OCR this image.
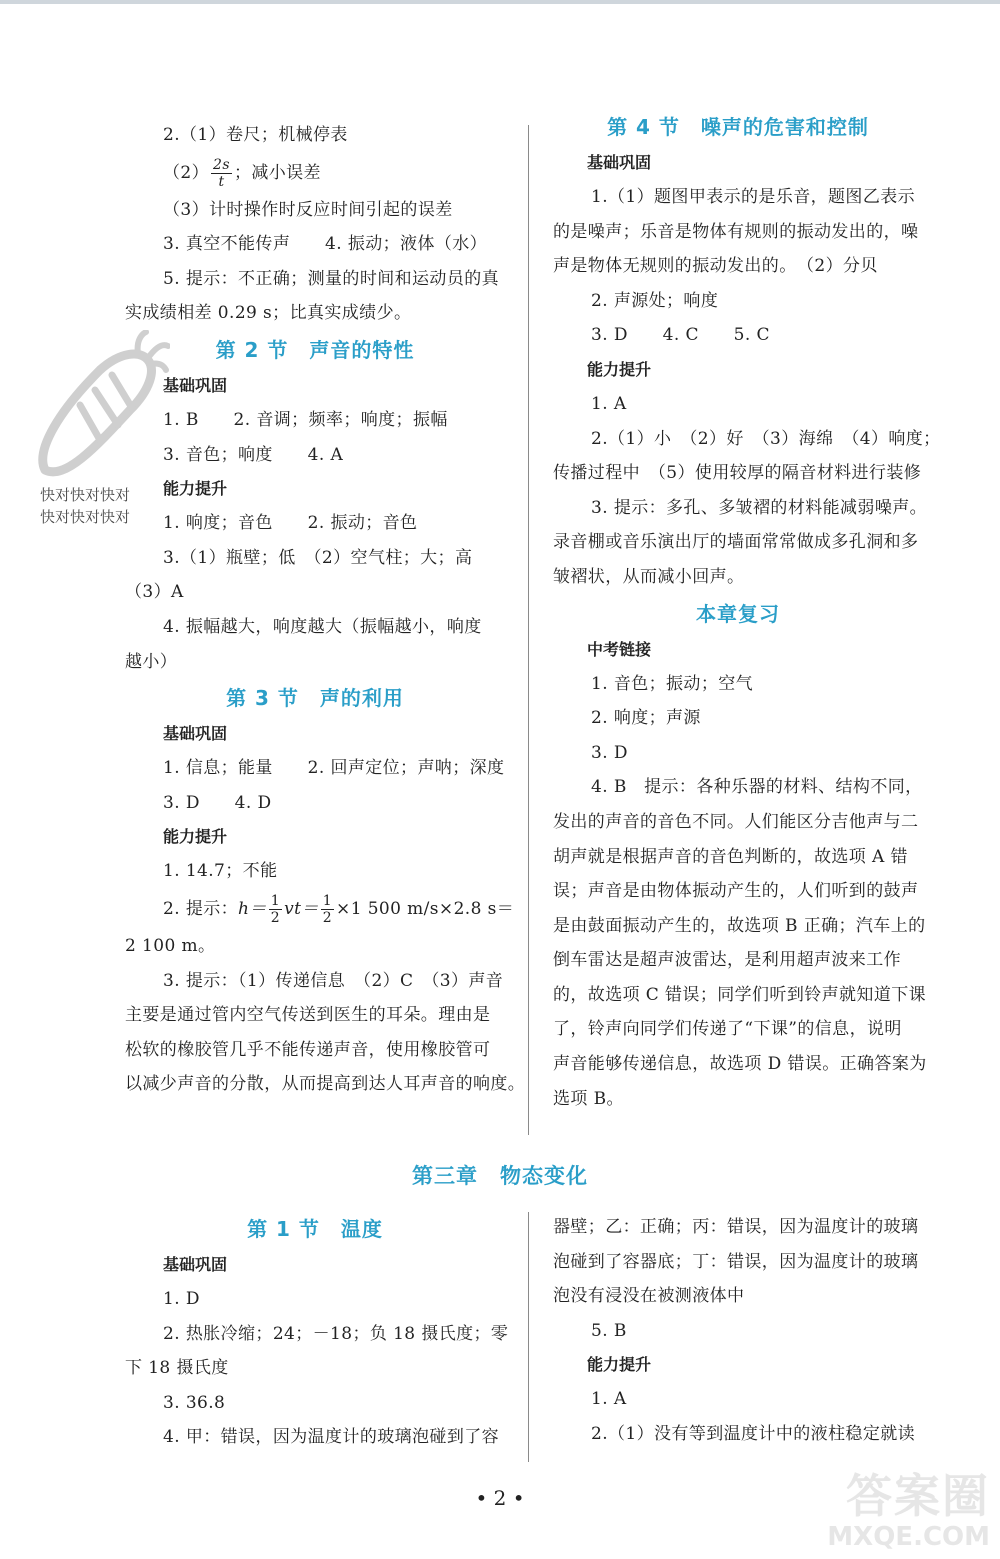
2.（1）卷尺；机械停表
$(2) \frac{2s}{t}$ ；减小误差
（3）计时操作时反应时间引起的误差
3. 真空不能传声　　4. 振动；液体（水）
5. 提示：不正确；测量的时间和运动员的真
实成绩相差 0.29 s；比真实成绩少。
第 2 节　声音的特性
基础巩固
1. B　　2. 音调；频率；响度；振幅
3. 音色；响度　　4. A
能力提升
1. 响度；音色　　2. 振动；音色
3.（1）瓶壁；低　（2）空气柱；大；高
（3）A
4. 振幅越大，响度越大（振幅越小，响度
越小）
第 3 节　声的利用
基础巩固
1. 信息；能量　　2. 回声定位；声呐；深度
3. D　　4. D
能力提升
1. 14.7；不能
2. 提示：$h= \frac{1}{2} vt= \frac{1}{2} \times 1$ 500 m/s×2.8 s＝
2 100 m。
3. 提示：（1）传递信息　（2）C　（3）声音
主要是通过管内空气传送到医生的耳朵。理由是
松软的橡胶管几乎不能传递声音，使用橡胶管可
以减少声音的分散，从而提高到达人耳声音的响度。
第 4 节　噪声的危害和控制
基础巩固
1.（1）题图甲表示的是乐音，题图乙表示
的是噪声；乐音是物体有规则的振动发出的，噪
声是物体无规则的振动发出的。　（2）分贝
2. 声源处；响度
3. D　　4. C　　5. C
能力提升
1. A
2.（1）小　（2）好　（3）海绵　（4）响度；
传播过程中　（5）使用较厚的隔音材料进行装修
3. 提示：多孔、多皱褶的材料能减弱噪声。
录音棚或音乐演出厅的墙面常常做成多孔洞和多
皱褶状，从而减小回声。
本章复习
中考链接
1. 音色；振动；空气
2. 响度；声源
3. D
4. B　提示：各种乐器的材料、结构不同，
发出的声音的音色不同。人们能区分吉他声与二
胡声就是根据声音的音色判断的，故选项 A 错
误；声音是由物体振动产生的，人们听到的鼓声
是由鼓面振动产生的，故选项 B 正确；汽车上的
倒车雷达是超声波雷达，是利用超声波来工作
的，故选项 C 错误；同学们听到铃声就知道下课
了，铃声向同学们传递了“下课”的信息，说明
声音能够传递信息，故选项 D 错误。正确答案为
选项 B。
第三章　物态变化
第 1 节　温度
基础巩固
1. D
2. 热胀冷缩；24；－18；负 18 摄氏度；零
下 18 摄氏度
3. 36.8
4. 甲：错误，因为温度计的玻璃泡碰到了容
器壁；乙：正确；丙：错误，因为温度计的玻璃
泡碰到了容器底；丁：错误，因为温度计的玻璃
泡没有浸没在被测液体中
5. B
能力提升
1. A
2.（1）没有等到温度计中的液柱稳定就读
快对快对快对
快对快对快对
答案圈
MXQE.COM
• 2 •
